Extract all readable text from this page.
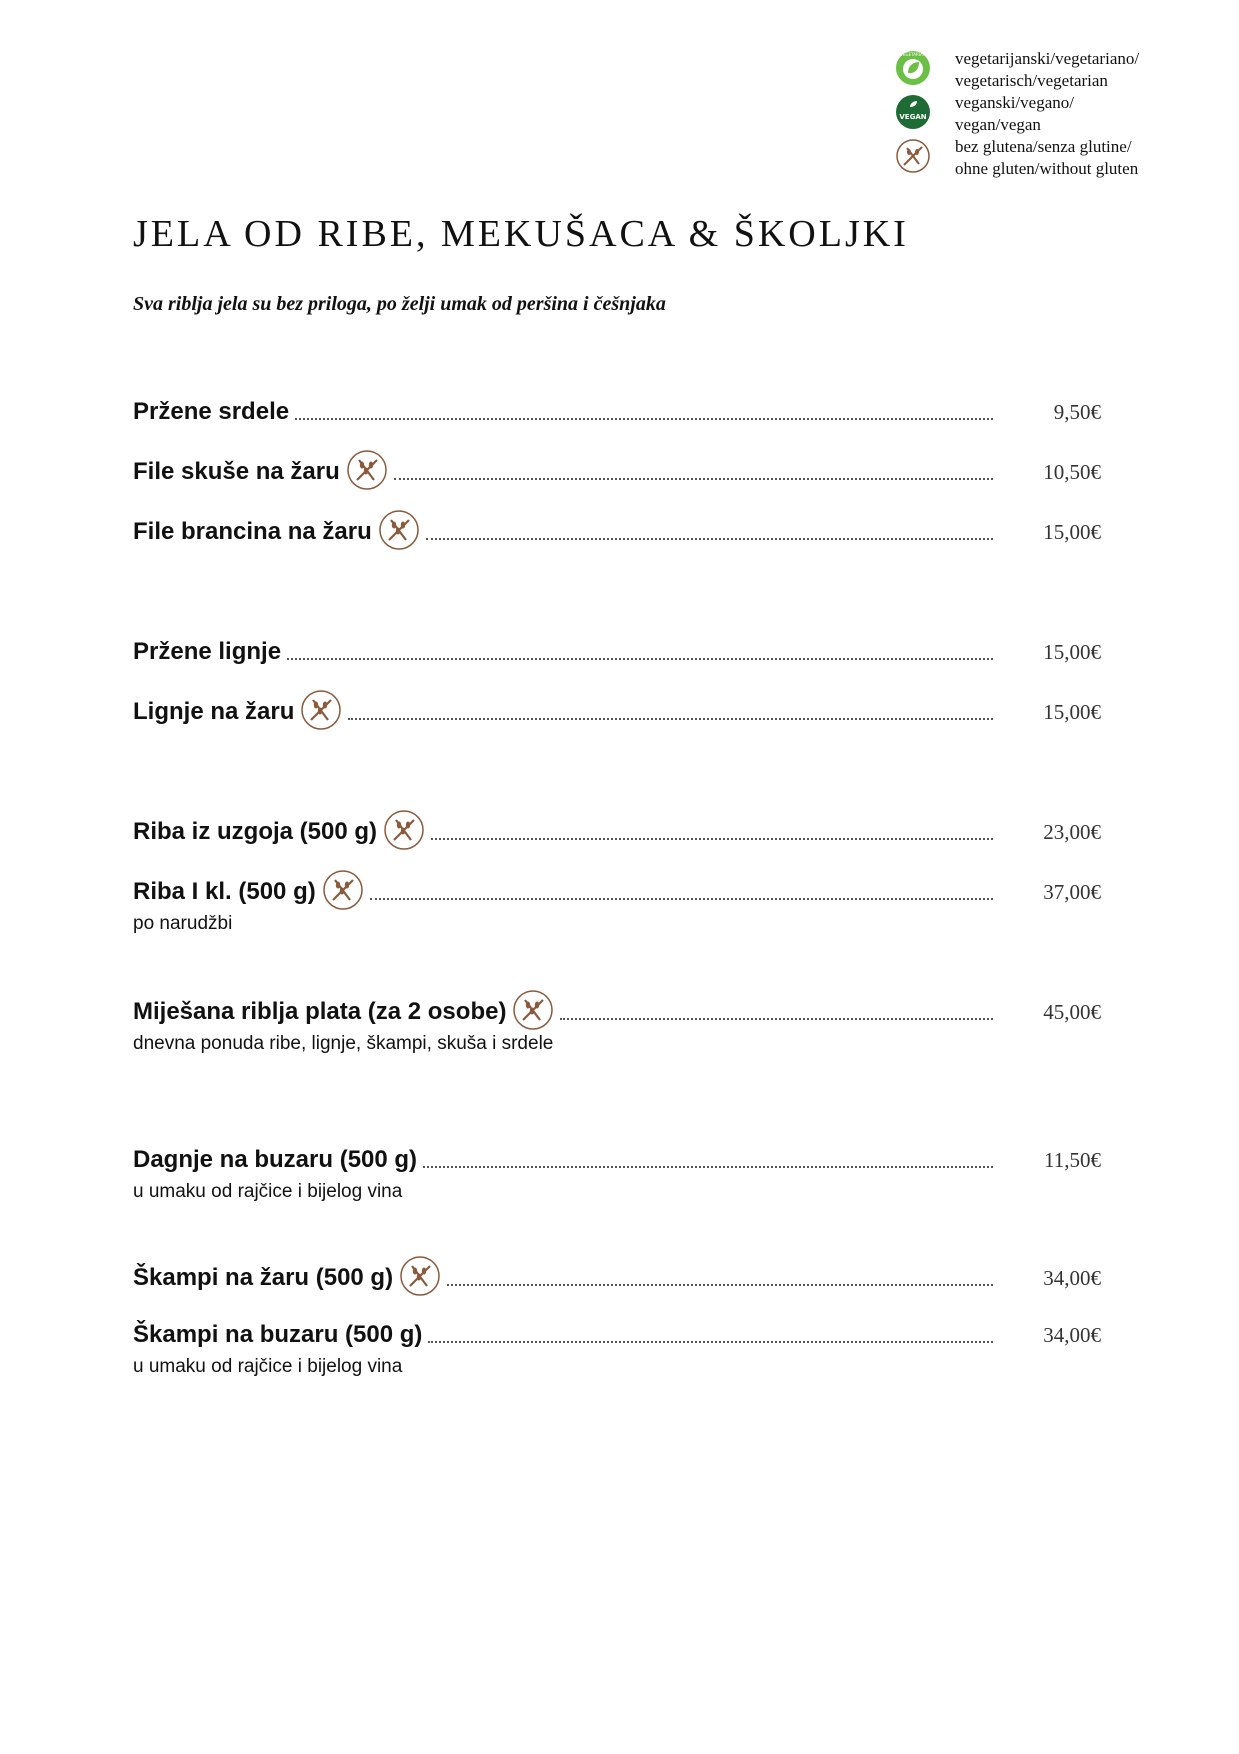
VEGETARIAN vegetarijanski/vegetariano/
vegetarisch/vegetarian
VEGAN
veganski/vegano/
vegan/vegan
bez glutena/senza glutine/
ohne gluten/without gluten
JELA OD RIBE, MEKUŠACA & ŠKOLJKI

Sva riblja jela su bez priloga, po želji umak od peršina i češnjaka

Pržene srdele	9,50€
File skuše na žaru	10,50€
File brancina na žaru	15,00€
Pržene lignje	15,00€
Lignje na žaru	15,00€
Riba iz uzgoja (500 g)	23,00€
Riba I kl. (500 g)	37,00€
po narudžbi
Miješana riblja plata (za 2 osobe)	45,00€
dnevna ponuda ribe, lignje, škampi, skuša i srdele
Dagnje na buzaru (500 g)	11,50€
u umaku od rajčice i bijelog vina
Škampi na žaru (500 g)	34,00€
Škampi na buzaru (500 g)	34,00€
u umaku od rajčice i bijelog vina
